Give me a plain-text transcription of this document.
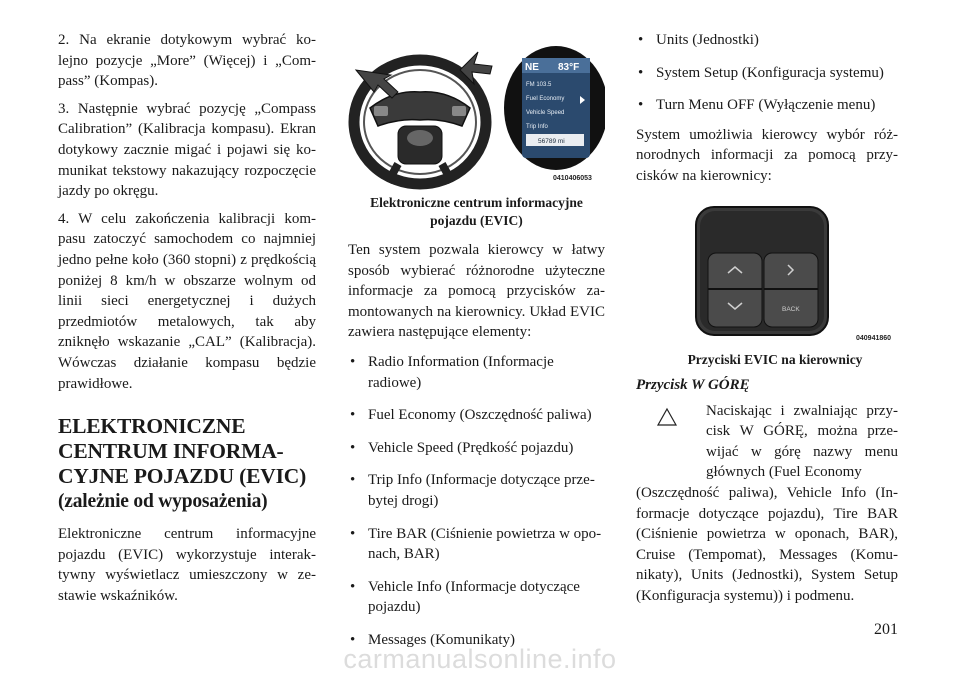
2. Na ekranie dotykowym wybrać ko- lejno pozycje „More” (Więcej) i „Com- pass” (Kompas).

3. Następnie wybrać pozycję „Compass Calibration” (Kalibracja kompasu). Ekran dotykowy zacznie migać i pojawi się ko- munikat tekstowy nakazujący rozpoczęcie jazdy po okręgu.

4. W celu zakończenia kalibracji kom- pasu zatoczyć samochodem co najmniej jedno pełne koło (360 stopni) z prędkością poniżej 8 km/h w obszarze wolnym od linii sieci energetycznej i dużych przedmiotów metalowych, tak aby zniknęło wskazanie „CAL” (Kalibracja). Wówczas działanie kompasu będzie prawidłowe.

ELEKTRONICZNE CENTRUM INFORMA- CYJNE POJAZDU (EVIC)
(zależnie od wyposażenia)

Elektroniczne centrum informacyjne pojazdu (EVIC) wykorzystuje interak- tywny wyświetlacz umieszczony w ze- stawie wskaźników.

NE 83°F
FM 103.5
Fuel Economy
Vehicle Speed
Trip Info
56789 mi
0410406053

Elektroniczne centrum informacyjne pojazdu (EVIC)

Ten system pozwala kierowcy w łatwy sposób wybierać różnorodne użyteczne informacje za pomocą przycisków za- montowanych na kierownicy. Układ EVIC zawiera następujące elementy:

• Radio Information (Informacje radiowe)
• Fuel Economy (Oszczędność paliwa)
• Vehicle Speed (Prędkość pojazdu)
• Trip Info (Informacje dotyczące prze- bytej drogi)
• Tire BAR (Ciśnienie powietrza w opo- nach, BAR)
• Vehicle Info (Informacje dotyczące pojazdu)
• Messages (Komunikaty)
• Units (Jednostki)
• System Setup (Konfiguracja systemu)
• Turn Menu OFF (Wyłączenie menu)

System umożliwia kierowcy wybór róż- norodnych informacji za pomocą przy- cisków na kierownicy:

BACK
040941860

Przyciski EVIC na kierownicy

Przycisk W GÓRĘ

Naciskając i zwalniając przy- cisk W GÓRĘ, można prze- wijać w górę nazwy menu głównych (Fuel Economy

(Oszczędność paliwa), Vehicle Info (In- formacje dotyczące pojazdu), Tire BAR (Ciśnienie powietrza w oponach, BAR), Cruise (Tempomat), Messages (Komu- nikaty), Units (Jednostki), System Setup (Konfiguracja systemu)) i podmenu.

201
carmanualsonline.info
